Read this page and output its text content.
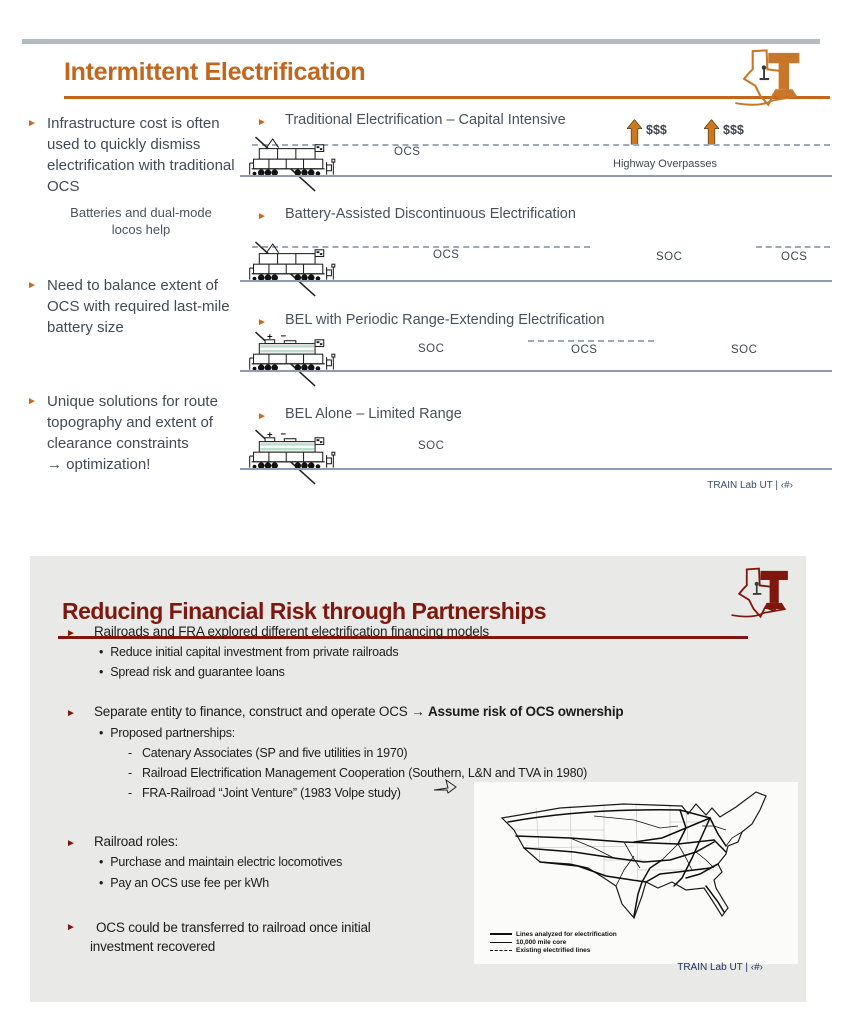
Intermittent Electrification
► Infrastructure cost is often used to quickly dismiss electrification with traditional OCS
Batteries and dual-mode locos help
► Need to balance extent of OCS with required last-mile battery size
► Unique solutions for route topography and extent of clearance constraints
→ optimization!
► Traditional Electrification – Capital Intensive
$$$	$$$
OCS
Highway Overpasses
► Battery-Assisted Discontinuous Electrification
OCS	SOC	OCS
► BEL with Periodic Range-Extending Electrification
SOC	OCS	SOC
► BEL Alone – Limited Range
SOC
TRAIN Lab UT | ‹#›
Reducing Financial Risk through Partnerships
► Railroads and FRA explored different electrification financing models
• Reduce initial capital investment from private railroads
• Spread risk and guarantee loans
► Separate entity to finance, construct and operate OCS → Assume risk of OCS ownership
• Proposed partnerships:
- Catenary Associates (SP and five utilities in 1970)
- Railroad Electrification Management Cooperation (Southern, L&N and TVA in 1980)
- FRA-Railroad “Joint Venture” (1983 Volpe study)
► Railroad roles:
• Purchase and maintain electric locomotives
• Pay an OCS use fee per kWh
►	OCS could be transferred to railroad once initial investment recovered
Lines analyzed for electrification
10,000 mile core
Existing electrified lines
TRAIN Lab UT | ‹#›
